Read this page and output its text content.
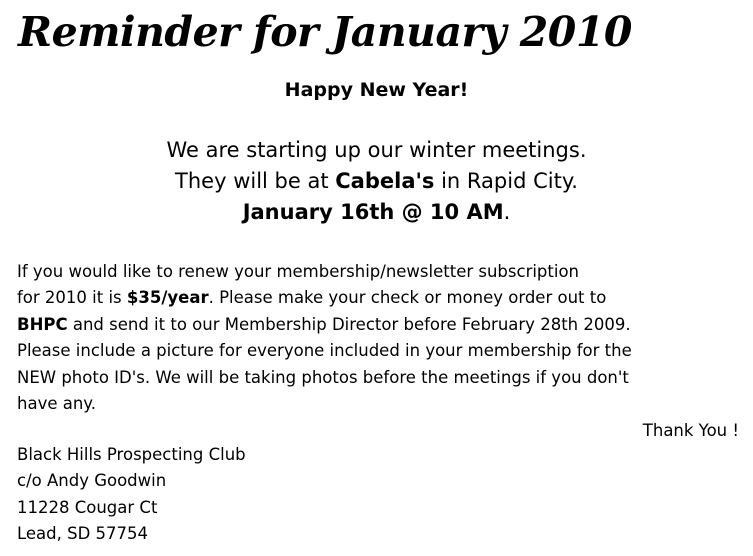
Reminder for January 2010

Happy New Year!

We are starting up our winter meetings.
They will be at Cabela's in Rapid City.
January 16th @ 10 AM.
If you would like to renew your membership/newsletter subscription
for 2010 it is $35/year. Please make your check or money order out to
BHPC and send it to our Membership Director before February 28th 2009.
Please include a picture for everyone included in your membership for the
NEW photo ID's. We will be taking photos before the meetings if you don't
have any.

Thank You !

Black Hills Prospecting Club
c/o Andy Goodwin
11228 Cougar Ct
Lead, SD 57754
